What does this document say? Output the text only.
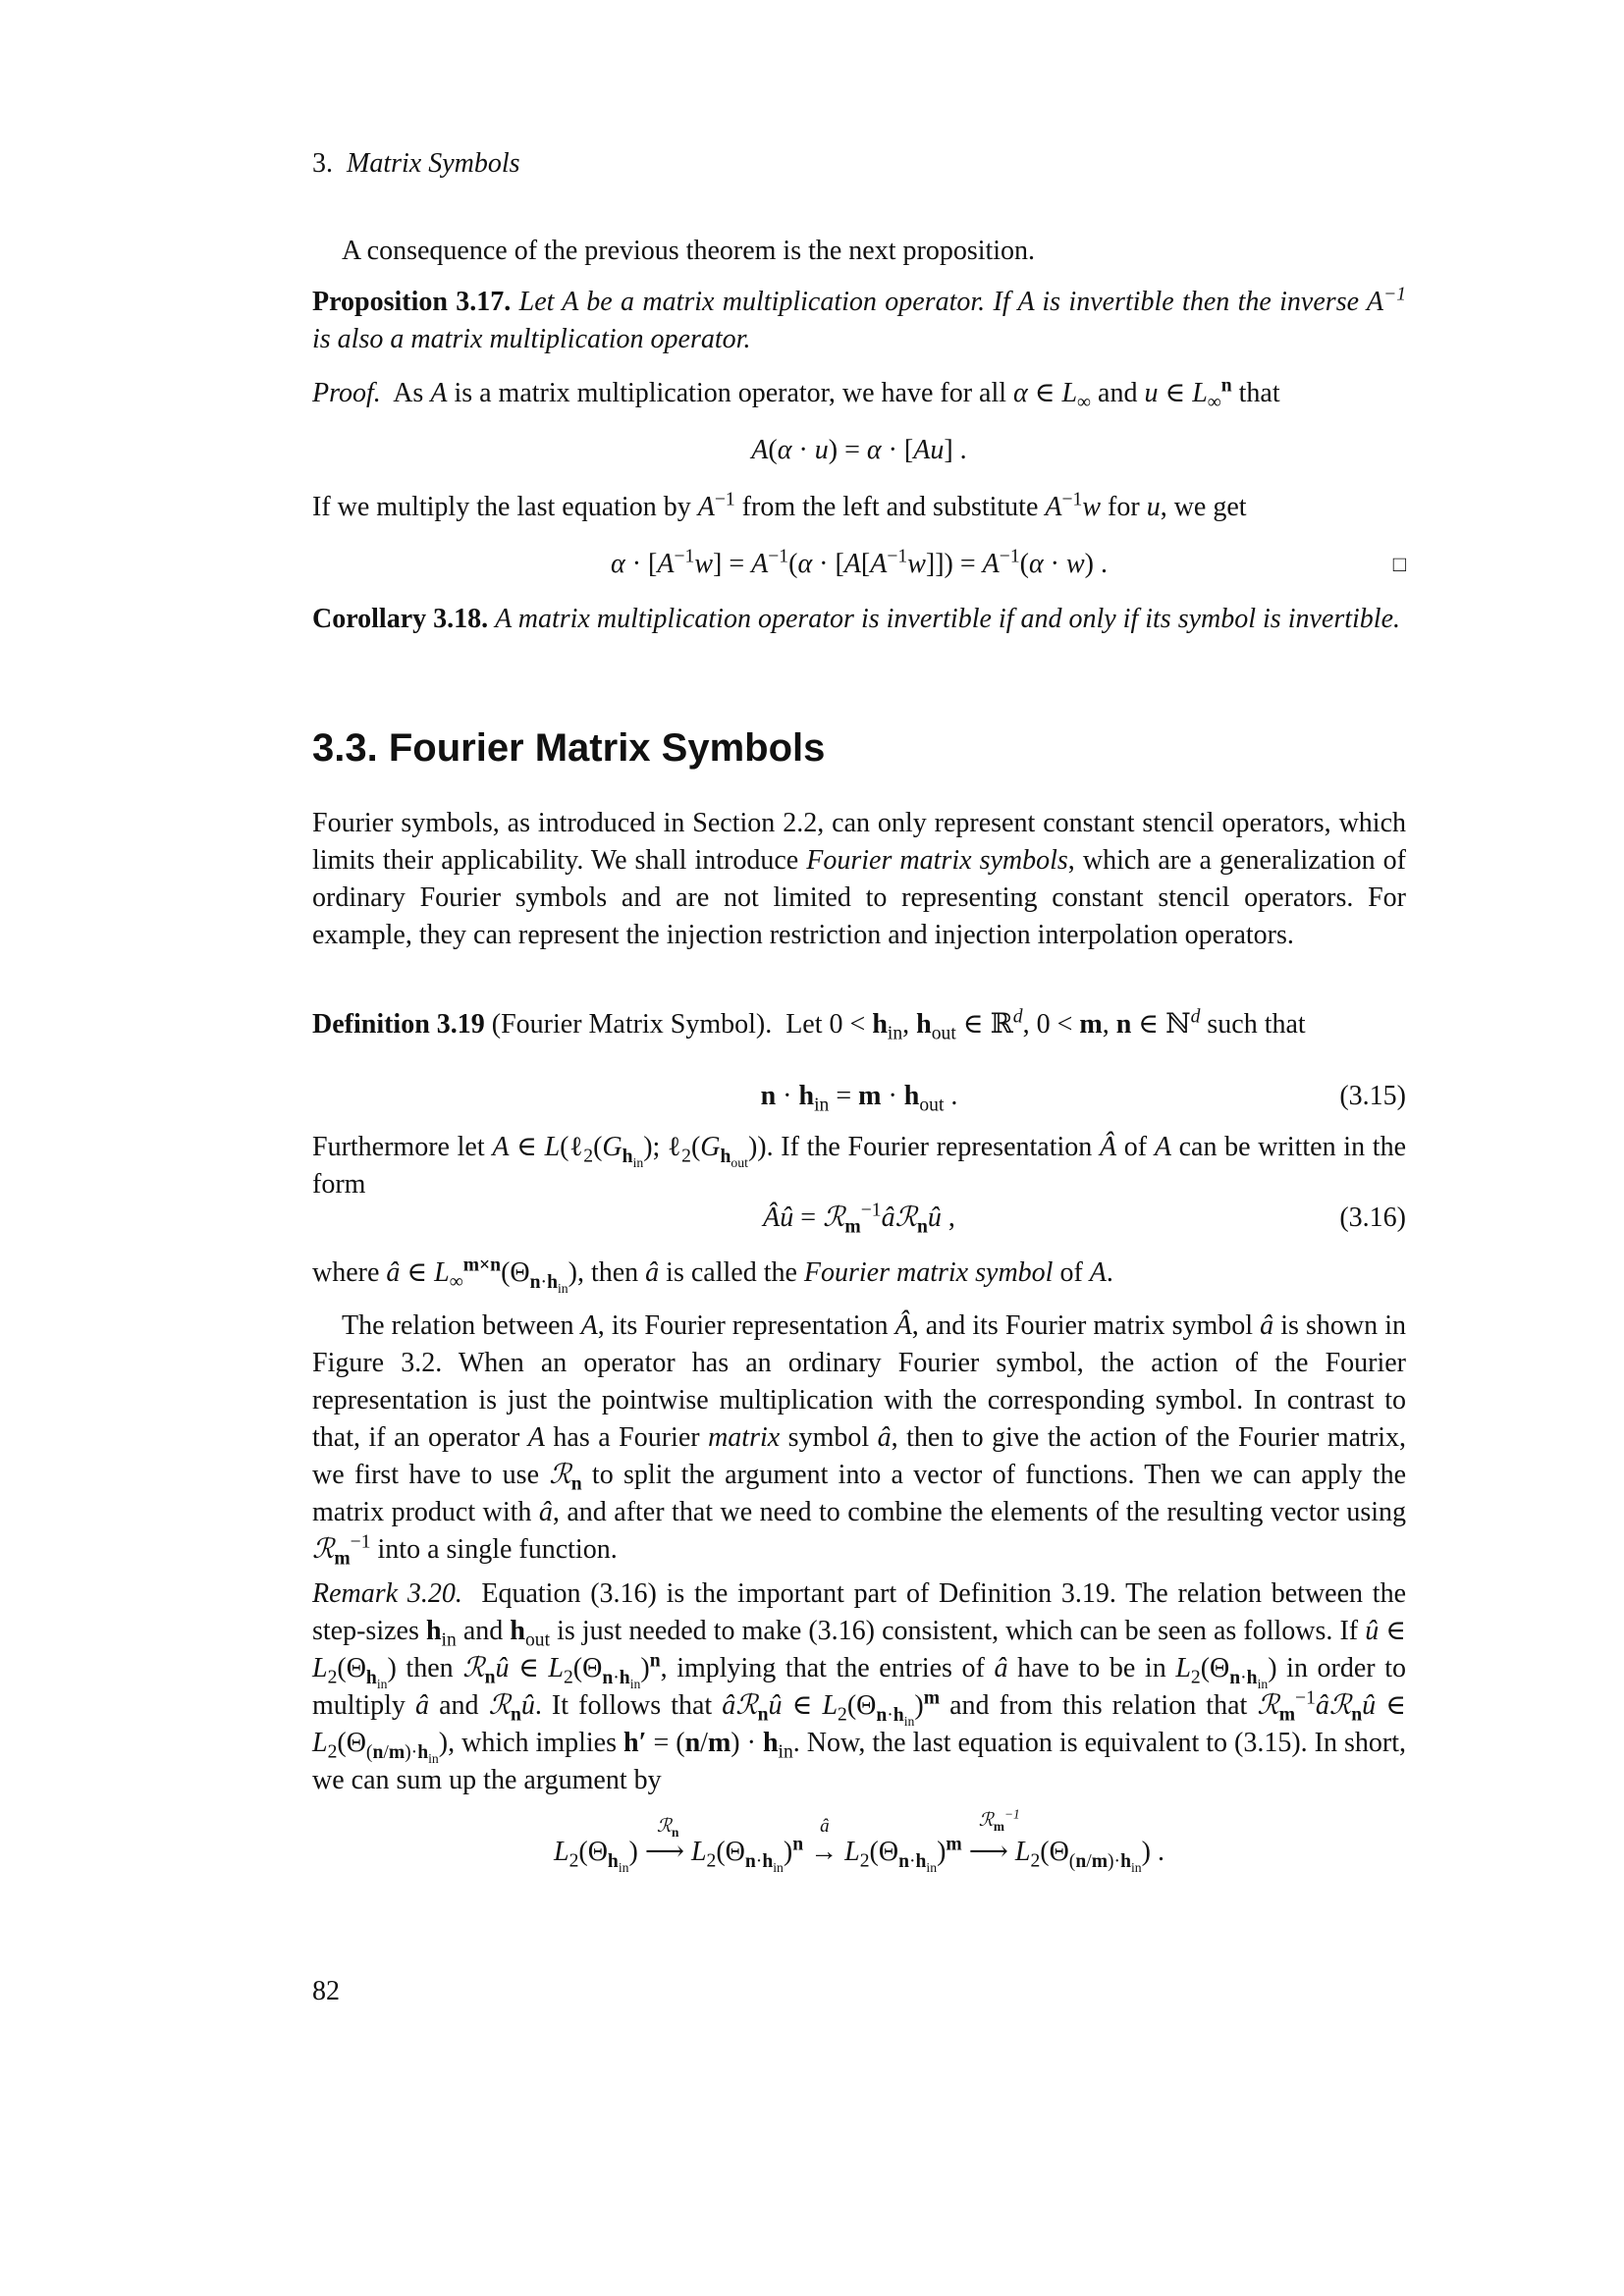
3. Matrix Symbols

A consequence of the previous theorem is the next proposition.

Proposition 3.17. Let A be a matrix multiplication operator. If A is invertible then the inverse $A^{-1}$ is also a matrix multiplication operator.

Proof.  As A is a matrix multiplication operator, we have for all α ∈ $L_\infty$ and u ∈ $L_\infty^n$ that

A(α · u) = α · [Au] .

If we multiply the last equation by $A^{-1}$ from the left and substitute $A^{-1}w$ for u, we get

$\alpha \cdot [A^{-1}w] = A^{-1}(\alpha \cdot [A[A^{-1}w]]) = A^{-1}(\alpha \cdot w)$ .	□

Corollary 3.18. A matrix multiplication operator is invertible if and only if its symbol is invertible.

3.3. Fourier Matrix Symbols

Fourier symbols, as introduced in Section 2.2, can only represent constant stencil operators, which limits their applicability. We shall introduce Fourier matrix symbols, which are a generalization of ordinary Fourier symbols and are not limited to representing constant stencil operators. For example, they can represent the injection restriction and injection interpolation operators.

Definition 3.19 (Fourier Matrix Symbol).  Let $0 < h_{in}$, $h_{out}$ ∈ ℝ$^d$, 0 < m, n ∈ ℕ$^d$ such that

$n \cdot h_{in} = m \cdot h_{out}$ .	(3.15)

Furthermore let A ∈ $L(\ell_2(G_{h_{in}})$; $\ell_2(G_{h_{out}})$). If the Fourier representation Â of A can be written in the form

Âû = ℛ$_m^{-1}$âℛ$_n$û ,	(3.16)

where â ∈ $L_\infty^{m\times n}(\Theta_{n\cdot h_{in}})$, then â is called the Fourier matrix symbol of A.

The relation between A, its Fourier representation Â, and its Fourier matrix symbol â is shown in Figure 3.2. When an operator has an ordinary Fourier symbol, the action of the Fourier representation is just the pointwise multiplication with the corresponding symbol. In contrast to that, if an operator A has a Fourier matrix symbol â, then to give the action of the Fourier matrix, we first have to use ℛ$_n$ to split the argument into a vector of functions. Then we can apply the matrix product with â, and after that we need to combine the elements of the resulting vector using ℛ$_m^{-1}$ into a single function.

Remark 3.20.  Equation (3.16) is the important part of Definition 3.19. The relation between the step-sizes $h_{in}$ and $h_{out}$ is just needed to make (3.16) consistent, which can be seen as follows. If û ∈ $L_2(\Theta_{h_{in}})$ then ℛ$_n$û ∈ $L_2(\Theta_{n\cdot h_{in}})^n$, implying that the entries of â have to be in $L_2(\Theta_{n\cdot h_{in}})$ in order to multiply â and ℛ$_n$û. It follows that âℛ$_n$û ∈ $L_2(\Theta_{n\cdot h_{in}})^m$ and from this relation that ℛ$_m^{-1}$âℛ$_n$û ∈ $L_2(\Theta_{(n/m)\cdot h_{in}})$, which implies $h' = (n/m) \cdot h_{in}$. Now, the last equation is equivalent to (3.15). In short, we can sum up the argument by

$L_2(\Theta_{h_{in}})$
ℛ$_n$
⟶ $L_2(\Theta_{n\cdot h_{in}})^n$
â
→ $L_2(\Theta_{n\cdot h_{in}})^m$
ℛ$_m^{-1}$
⟶ $L_2(\Theta_{(n/m)\cdot h_{in}})$ .
82
